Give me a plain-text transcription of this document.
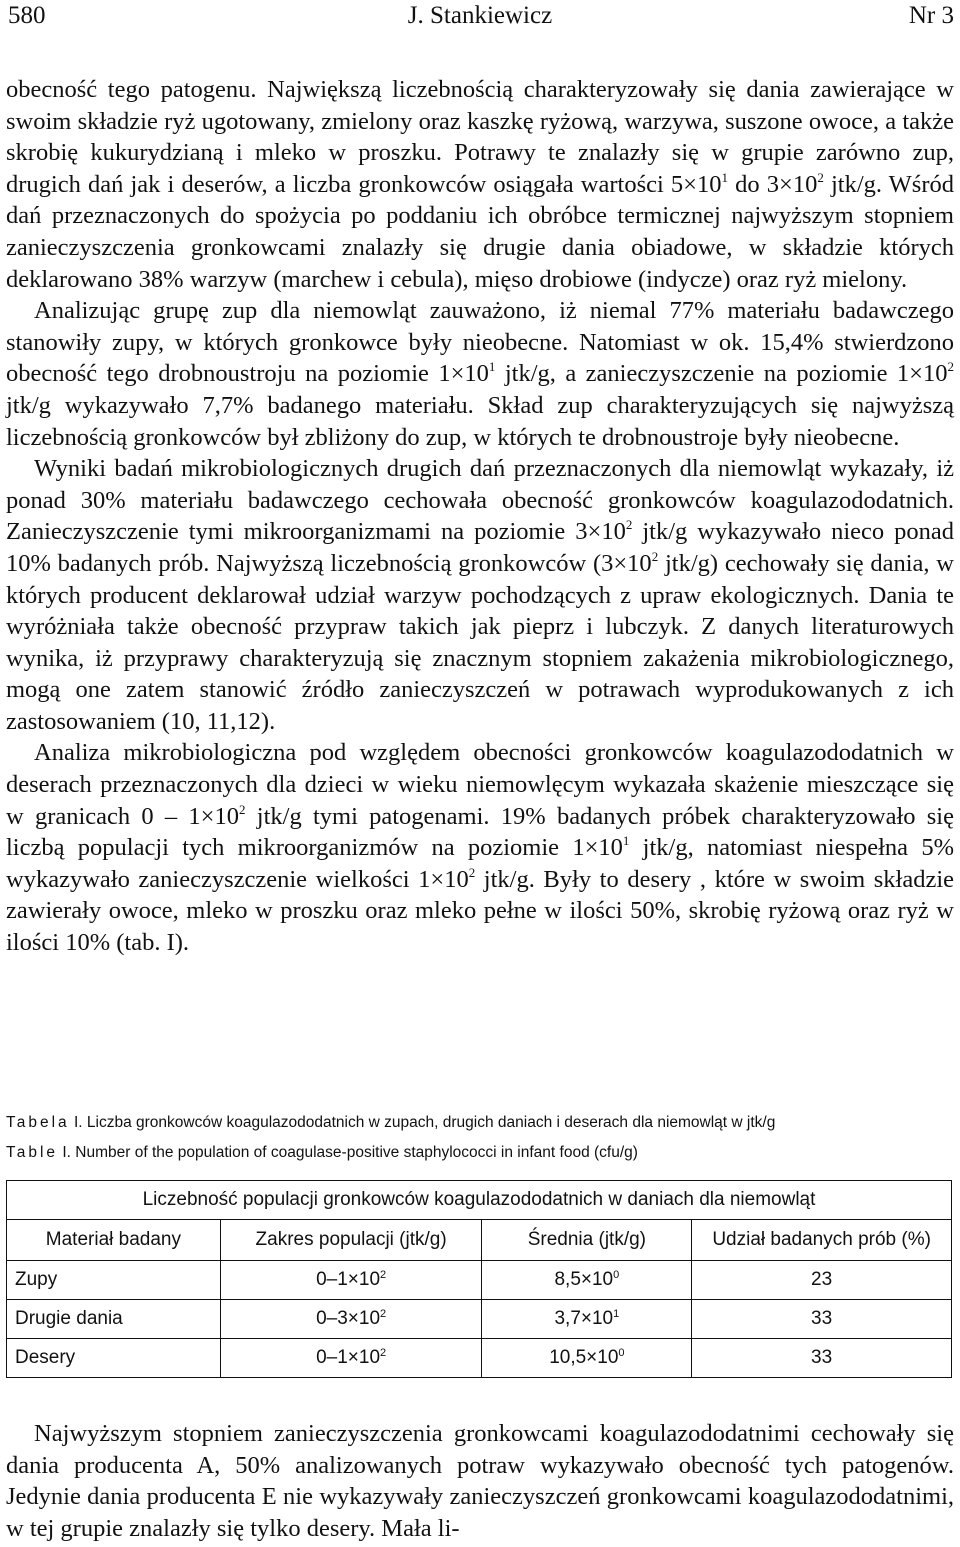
580	J. Stankiewicz	Nr 3

obecność tego patogenu. Największą liczebnością charakteryzowały się dania zawierające w swoim składzie ryż ugotowany, zmielony oraz kaszkę ryżową, warzywa, suszone owoce, a także skrobię kukurydzianą i mleko w proszku. Potrawy te znalazły się w grupie zarówno zup, drugich dań jak i deserów, a liczba gronkowców osiągała wartości $5\times 10^1$ do $3\times 10^2$ jtk/g. Wśród dań przeznaczonych do spożycia po poddaniu ich obróbce termicznej najwyższym stopniem zanieczyszczenia gronkowcami znalazły się drugie dania obiadowe, w składzie których deklarowano 38% warzyw (marchew i cebula), mięso drobiowe (indycze) oraz ryż mielony.

Analizując grupę zup dla niemowląt zauważono, iż niemal 77% materiału badawczego stanowiły zupy, w których gronkowce były nieobecne. Natomiast w ok. 15,4% stwierdzono obecność tego drobnoustroju na poziomie $1\times 10^1$ jtk/g, a zanieczyszczenie na poziomie $1\times 10^2$ jtk/g wykazywało 7,7% badanego materiału. Skład zup charakteryzujących się najwyższą liczebnością gronkowców był zbliżony do zup, w których te drobnoustroje były nieobecne.

Wyniki badań mikrobiologicznych drugich dań przeznaczonych dla niemowląt wykazały, iż ponad 30% materiału badawczego cechowała obecność gronkowców koagulazododatnich. Zanieczyszczenie tymi mikroorganizmami na poziomie $3\times 10^2$ jtk/g wykazywało nieco ponad 10% badanych prób. Najwyższą liczebnością gronkowców ($3\times 10^2$ jtk/g) cechowały się dania, w których producent deklarował udział warzyw pochodzących z upraw ekologicznych. Dania te wyróżniała także obecność przypraw takich jak pieprz i lubczyk. Z danych literaturowych wynika, iż przyprawy charakteryzują się znacznym stopniem zakażenia mikrobiologicznego, mogą one zatem stanowić źródło zanieczyszczeń w potrawach wyprodukowanych z ich zastosowaniem (10, 11,12).

Analiza mikrobiologiczna pod względem obecności gronkowców koagulazododatnich w deserach przeznaczonych dla dzieci w wieku niemowlęcym wykazała skażenie mieszczące się w granicach $0 - 1\times 10^2$ jtk/g tymi patogenami. 19% badanych próbek charakteryzowało się liczbą populacji tych mikroorganizmów na poziomie $1\times 10^1$ jtk/g, natomiast niespełna 5% wykazywało zanieczyszczenie wielkości $1\times 10^2$ jtk/g. Były to desery , które w swoim składzie zawierały owoce, mleko w proszku oraz mleko pełne w ilości 50%, skrobię ryżową oraz ryż w ilości 10% (tab. I).

Tabela I. Liczba gronkowców koagulazododatnich w zupach, drugich daniach i deserach dla niemowląt w jtk/g
Table I. Number of the population of coagulase-positive staphylococci in infant food (cfu/g)
Liczebność populacji gronkowców koagulazododatnich w daniach dla niemowląt			
Materiał badany	Zakres populacji (jtk/g)	Średnia (jtk/g)	Udział badanych prób (%)
Zupy	$0-1\times 10^2$	$8,5\times 10^0$	23
Drugie dania	$0-3\times 10^2$	$3,7\times 10^1$	33
Desery	$0-1\times 10^2$	$10,5\times 10^0$	33

Najwyższym stopniem zanieczyszczenia gronkowcami koagulazododatnimi cechowały się dania producenta A, 50% analizowanych potraw wykazywało obecność tych patogenów. Jedynie dania producenta E nie wykazywały zanieczyszczeń gronkowcami koagulazododatnimi, w tej grupie znalazły się tylko desery. Mała li-
